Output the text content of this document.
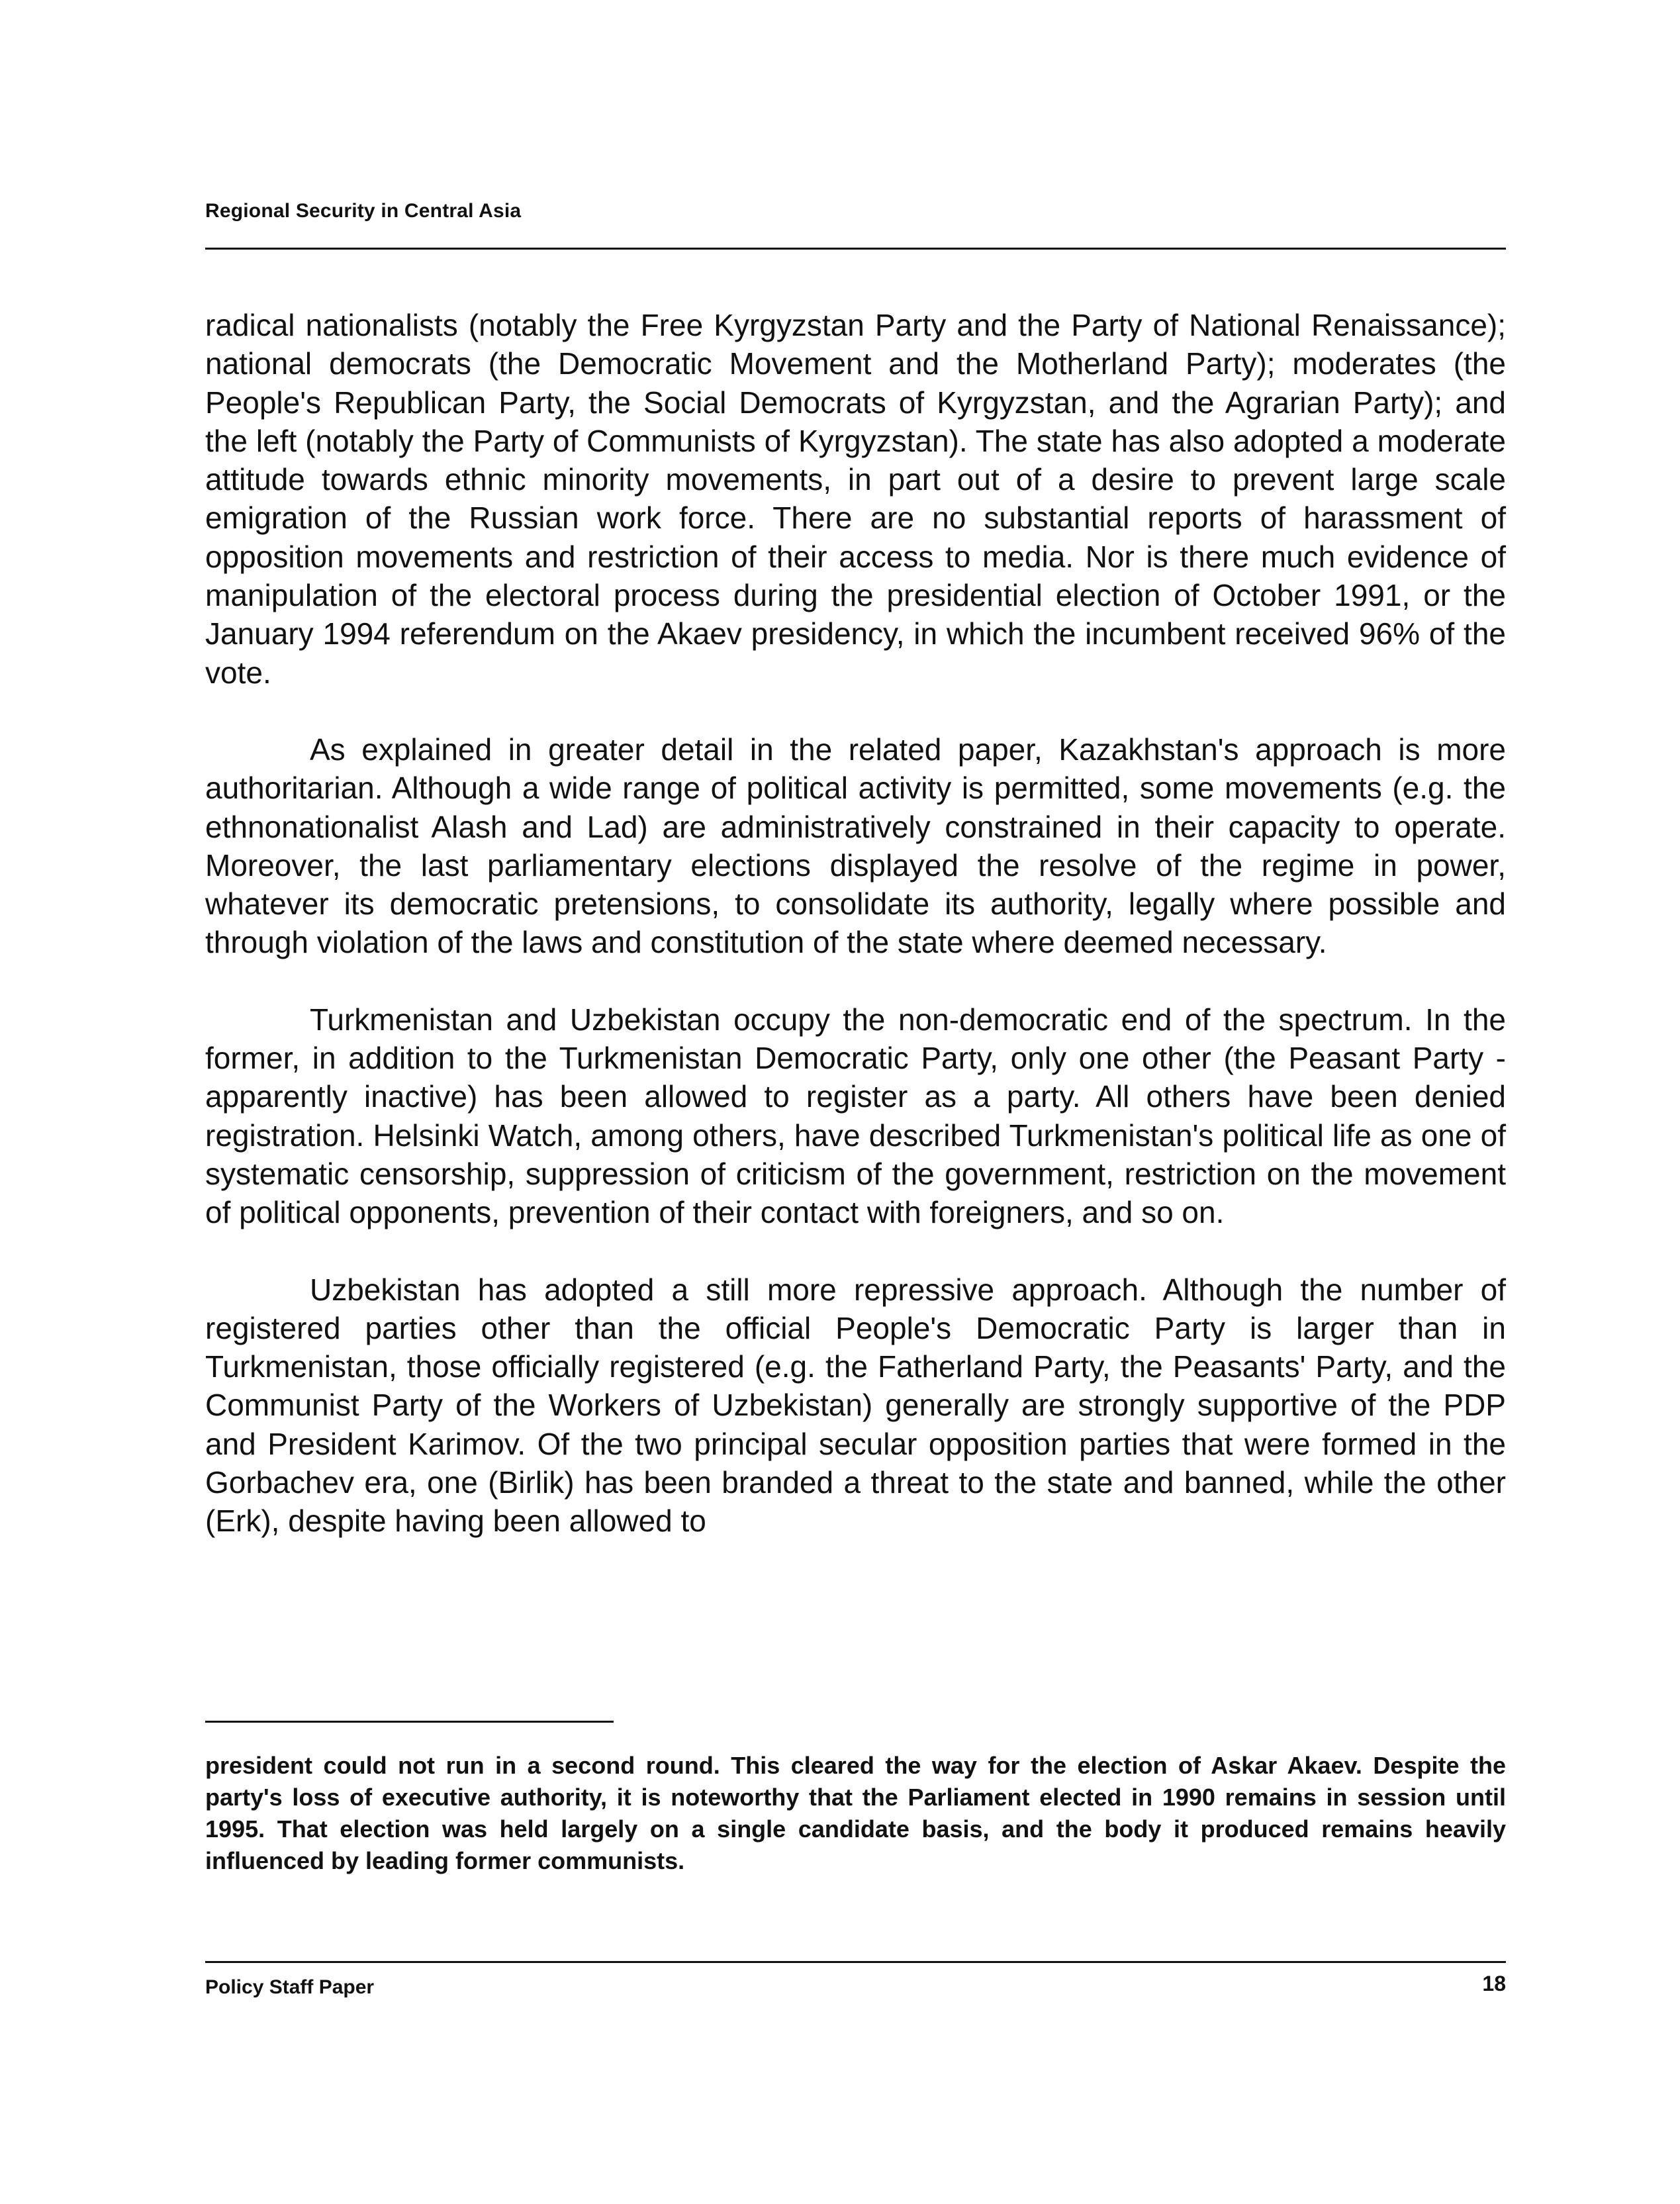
Regional Security in Central Asia

radical nationalists (notably the Free Kyrgyzstan Party and the Party of National Renaissance); national democrats (the Democratic Movement and the Motherland Party); moderates (the People's Republican Party, the Social Democrats of Kyrgyzstan, and the Agrarian Party); and the left (notably the Party of Communists of Kyrgyzstan). The state has also adopted a moderate attitude towards ethnic minority movements, in part out of a desire to prevent large scale emigration of the Russian work force. There are no substantial reports of harassment of opposition movements and restriction of their access to media. Nor is there much evidence of manipulation of the electoral process during the presidential election of October 1991, or the January 1994 referendum on the Akaev presidency, in which the incumbent received 96% of the vote.

As explained in greater detail in the related paper, Kazakhstan's approach is more authoritarian. Although a wide range of political activity is permitted, some movements (e.g. the ethnonationalist Alash and Lad) are administratively constrained in their capacity to operate. Moreover, the last parliamentary elections displayed the resolve of the regime in power, whatever its democratic pretensions, to consolidate its authority, legally where possible and through violation of the laws and constitution of the state where deemed necessary.

Turkmenistan and Uzbekistan occupy the non-democratic end of the spectrum. In the former, in addition to the Turkmenistan Democratic Party, only one other (the Peasant Party - apparently inactive) has been allowed to register as a party. All others have been denied registration. Helsinki Watch, among others, have described Turkmenistan's political life as one of systematic censorship, suppression of criticism of the government, restriction on the movement of political opponents, prevention of their contact with foreigners, and so on.

Uzbekistan has adopted a still more repressive approach. Although the number of registered parties other than the official People's Democratic Party is larger than in Turkmenistan, those officially registered (e.g. the Fatherland Party, the Peasants' Party, and the Communist Party of the Workers of Uzbekistan) generally are strongly supportive of the PDP and President Karimov. Of the two principal secular opposition parties that were formed in the Gorbachev era, one (Birlik) has been branded a threat to the state and banned, while the other (Erk), despite having been allowed to

president could not run in a second round. This cleared the way for the election of Askar Akaev. Despite the party's loss of executive authority, it is noteworthy that the Parliament elected in 1990 remains in session until 1995. That election was held largely on a single candidate basis, and the body it produced remains heavily influenced by leading former communists.
Policy Staff Paper	18
